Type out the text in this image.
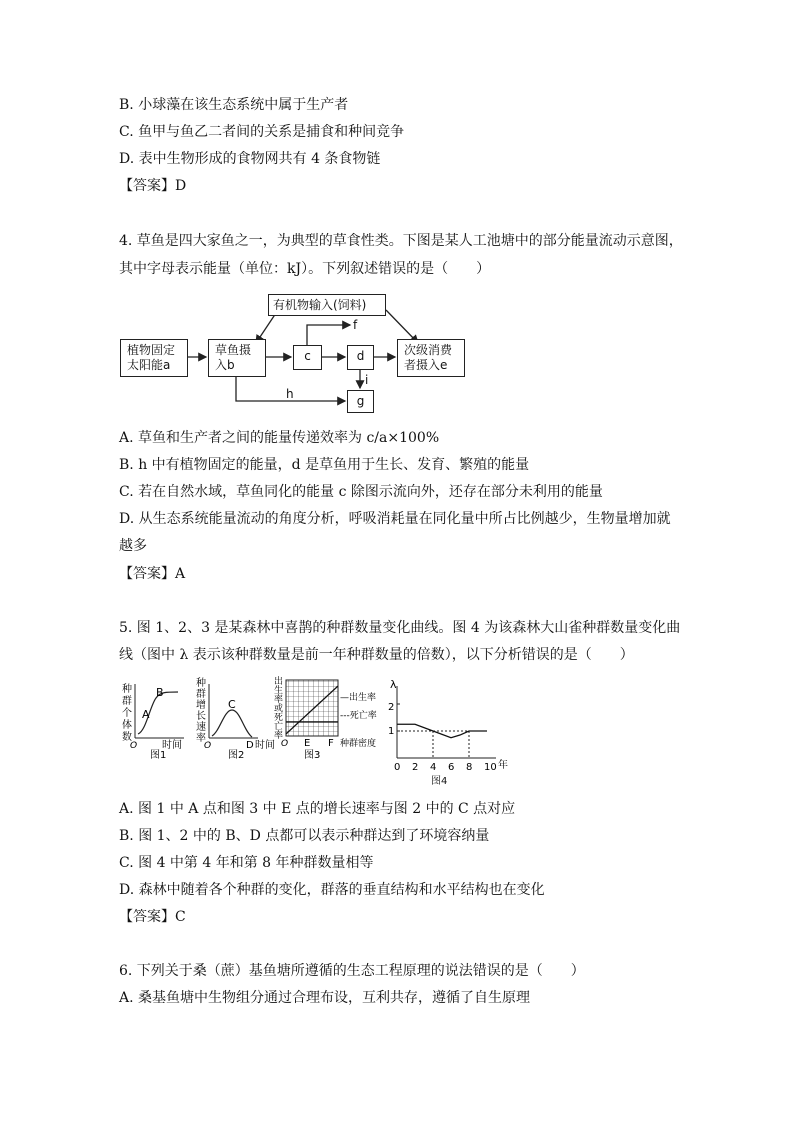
B. 小球藻在该生态系统中属于生产者
C. 鱼甲与鱼乙二者间的关系是捕食和种间竞争
D. 表中生物形成的食物网共有 4 条食物链
【答案】D
4. 草鱼是四大家鱼之一，为典型的草食性类。下图是某人工池塘中的部分能量流动示意图，
其中字母表示能量（单位：kJ）。下列叙述错误的是（　　）
有机物输入(饲料)
植物固定
太阳能a
草鱼摄
入b
c	d	次级消费
者摄入e
g
f
i
h
A. 草鱼和生产者之间的能量传递效率为 c/a×100%
B. h 中有植物固定的能量，d 是草鱼用于生长、发育、繁殖的能量
C. 若在自然水域，草鱼同化的能量 c 除图示流向外，还存在部分未利用的能量
D. 从生态系统能量流动的角度分析，呼吸消耗量在同化量中所占比例越少，生物量增加就
越多
【答案】A
5. 图 1、2、3 是某森林中喜鹊的种群数量变化曲线。图 4 为该森林大山雀种群数量变化曲
线（图中 λ 表示该种群数量是前一年种群数量的倍数），以下分析错误的是（　　）
种
群
个
体
数
A
B
O 时间
图1
种
群
增
长
速
率
C
O	D 时间
图2
出
生
率
或
死
亡
率
O E F
—出生率
---死亡率
种群密度
图3
λ
2
1
年
0 2 4 6 8 10
图4
A. 图 1 中 A 点和图 3 中 E 点的增长速率与图 2 中的 C 点对应
B. 图 1、2 中的 B、D 点都可以表示种群达到了环境容纳量
C. 图 4 中第 4 年和第 8 年种群数量相等
D. 森林中随着各个种群的变化，群落的垂直结构和水平结构也在变化
【答案】C
6. 下列关于桑（蔗）基鱼塘所遵循的生态工程原理的说法错误的是（　　）
A. 桑基鱼塘中生物组分通过合理布设，互利共存，遵循了自生原理
